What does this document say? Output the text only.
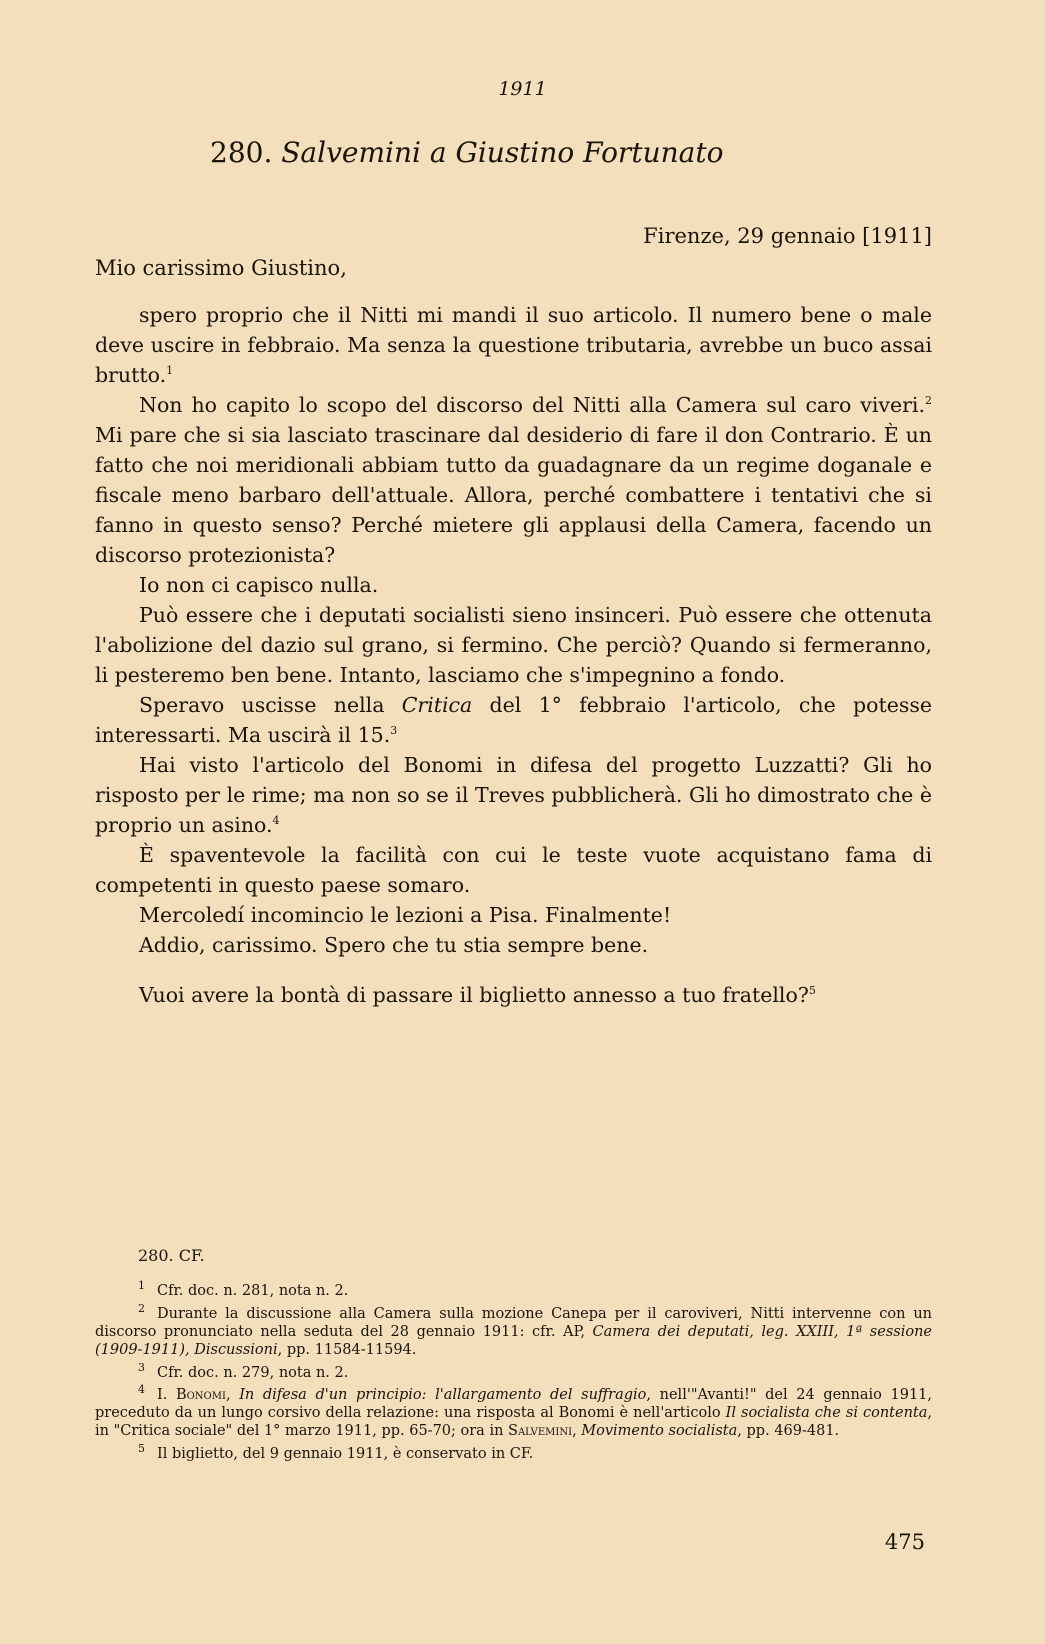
1911
280. Salvemini a Giustino Fortunato
Firenze, 29 gennaio [1911]
Mio carissimo Giustino,

spero proprio che il Nitti mi mandi il suo articolo. Il numero bene o male deve uscire in febbraio. Ma senza la questione tributaria, avrebbe un buco assai brutto.$^1$

Non ho capito lo scopo del discorso del Nitti alla Camera sul caro viveri.$^2$ Mi pare che si sia lasciato trascinare dal desiderio di fare il don Contrario. È un fatto che noi meridionali abbiam tutto da guadagnare da un regime doganale e fiscale meno barbaro dell'attuale. Allora, perché combattere i tentativi che si fanno in questo senso? Perché mietere gli applausi della Camera, facendo un discorso protezionista?

Io non ci capisco nulla.

Può essere che i deputati socialisti sieno insinceri. Può essere che ottenuta l'abolizione del dazio sul grano, si fermino. Che perciò? Quando si fermeranno, li pesteremo ben bene. Intanto, lasciamo che s'impegnino a fondo.

Speravo uscisse nella Critica del 1° febbraio l'articolo, che potesse interessarti. Ma uscirà il 15.$^3$

Hai visto l'articolo del Bonomi in difesa del progetto Luzzatti? Gli ho risposto per le rime; ma non so se il Treves pubblicherà. Gli ho dimostrato che è proprio un asino.$^4$

È spaventevole la facilità con cui le teste vuote acquistano fama di competenti in questo paese somaro.

Mercoledí incomincio le lezioni a Pisa. Finalmente!

Addio, carissimo. Spero che tu stia sempre bene.

Vuoi avere la bontà di passare il biglietto annesso a tuo fratello?$^5$

280. CF.

$^1$ Cfr. doc. n. 281, nota n. 2.

$^2$ Durante la discussione alla Camera sulla mozione Canepa per il caroviveri, Nitti intervenne con un discorso pronunciato nella seduta del 28 gennaio 1911: cfr. AP, Camera dei deputati, leg. XXIII, 1ª sessione (1909-1911), Discussioni, pp. 11584-11594.

$^3$ Cfr. doc. n. 279, nota n. 2.

$^4$ I. Bonomi, In difesa d'un principio: l'allargamento del suffragio, nell'"Avanti!" del 24 gennaio 1911, preceduto da un lungo corsivo della relazione: una risposta al Bonomi è nell'articolo Il socialista che si contenta, in "Critica sociale" del 1° marzo 1911, pp. 65-70; ora in Salvemini, Movimento socialista, pp. 469-481.

$^5$ Il biglietto, del 9 gennaio 1911, è conservato in CF.

475
